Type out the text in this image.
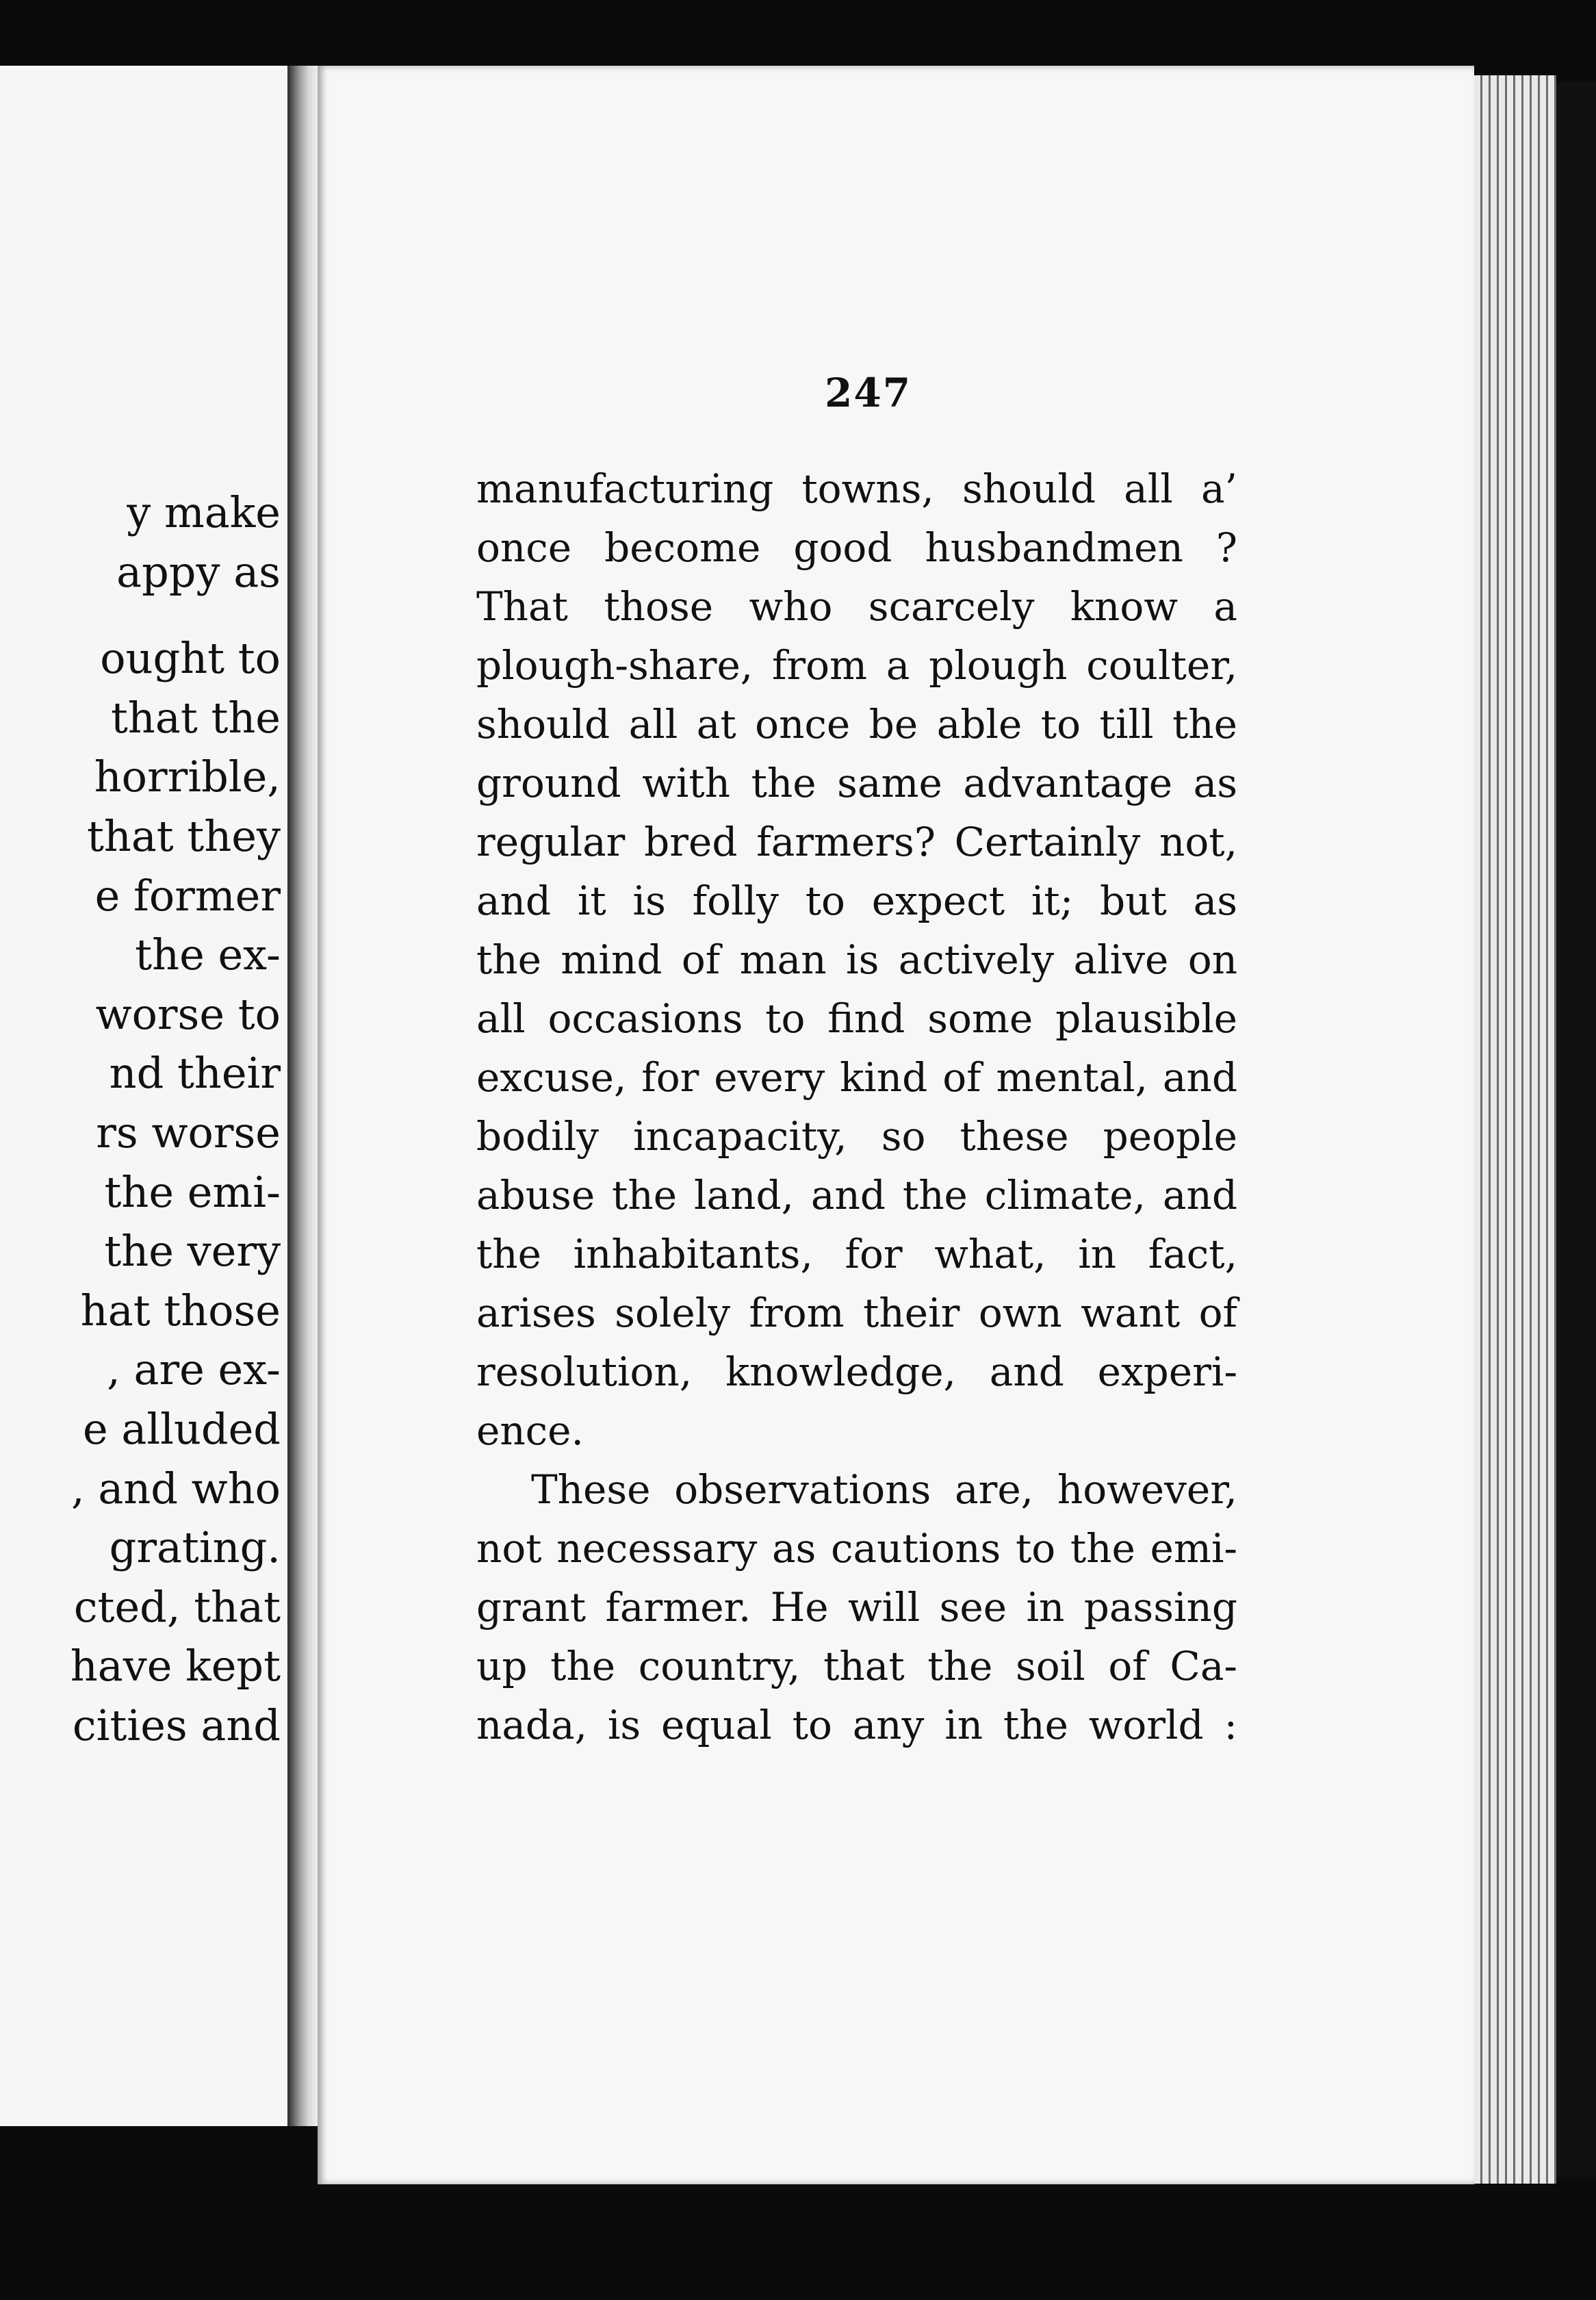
y make
appy as
ought to
that the
horrible,
that they
e former
the ex-
worse to
nd their
rs worse
the emi-
the very
hat those
, are ex-
e alluded
, and who
grating.
cted, that
have kept
cities and
247
manufacturing towns, should all a’
once become good husbandmen ?
That those who scarcely know a
plough-share, from a plough coulter,
should all at once be able to till the
ground with the same advantage as
regular bred farmers? Certainly not,
and it is folly to expect it; but as
the mind of man is actively alive on
all occasions to find some plausible
excuse, for every kind of mental, and
bodily incapacity, so these people
abuse the land, and the climate, and
the inhabitants, for what, in fact,
arises solely from their own want of
resolution, knowledge, and experi-
ence.
These observations are, however,
not necessary as cautions to the emi-
grant farmer. He will see in passing
up the country, that the soil of Ca-
nada, is equal to any in the world :
